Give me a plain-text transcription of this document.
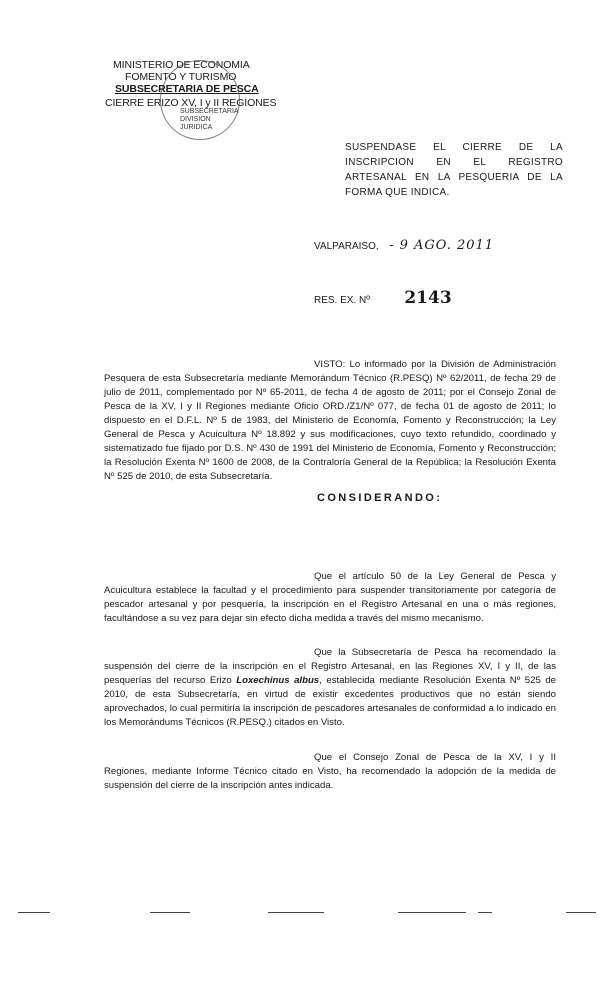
MINISTERIO DE ECONOMIA
FOMENTO Y TURISMO
SUBSECRETARIA DE PESCA
CIERRE ERIZO XV, I y II REGIONES
SUBSECRETARIA
DIVISION
JURIDICA
SUSPENDASE EL CIERRE DE LA INSCRIPCION EN EL REGISTRO ARTESANAL EN LA PESQUERIA DE LA FORMA QUE INDICA.
VALPARAISO, - 9 AGO. 2011
RES. EX. Nº 2143
VISTO: Lo informado por la División de Administración Pesquera de esta Subsecretaría mediante Memorándum Técnico (R.PESQ) Nº 62/2011, de fecha 29 de julio de 2011, complementado por Nº 65-2011, de fecha 4 de agosto de 2011; por el Consejo Zonal de Pesca de la XV, I y II Regiones mediante Oficio ORD./Z1/Nº 077, de fecha 01 de agosto de 2011; lo dispuesto en el D.F.L. Nº 5 de 1983, del Ministerio de Economía, Fomento y Reconstrucción; la Ley General de Pesca y Acuicultura Nº 18.892 y sus modificaciones, cuyo texto refundido, coordinado y sistematizado fue fijado por D.S. Nº 430 de 1991 del Ministerio de Economía, Fomento y Reconstrucción; la Resolución Exenta Nº 1600 de 2008, de la Contraloría General de la República; la Resolución Exenta Nº 525 de 2010, de esta Subsecretaría.
CONSIDERANDO:
Que el artículo 50 de la Ley General de Pesca y Acuicultura establece la facultad y el procedimiento para suspender transitoriamente por categoría de pescador artesanal y por pesquería, la inscripción en el Registro Artesanal en una o más regiones, facultándose a su vez para dejar sin efecto dicha medida a través del mismo mecanismo.
Que la Subsecretaría de Pesca ha recomendado la suspensión del cierre de la inscripción en el Registro Artesanal, en las Regiones XV, I y II, de las pesquerías del recurso Erizo Loxechinus albus, establecida mediante Resolución Exenta Nº 525 de 2010, de esta Subsecretaría, en virtud de existir excedentes productivos que no están siendo aprovechados, lo cual permitiría la inscripción de pescadores artesanales de conformidad a lo indicado en los Memorándums Técnicos (R.PESQ.) citados en Visto.
Que el Consejo Zonal de Pesca de la XV, I y II Regiones, mediante Informe Técnico citado en Visto, ha recomendado la adopción de la medida de suspensión del cierre de la inscripción antes indicada.
